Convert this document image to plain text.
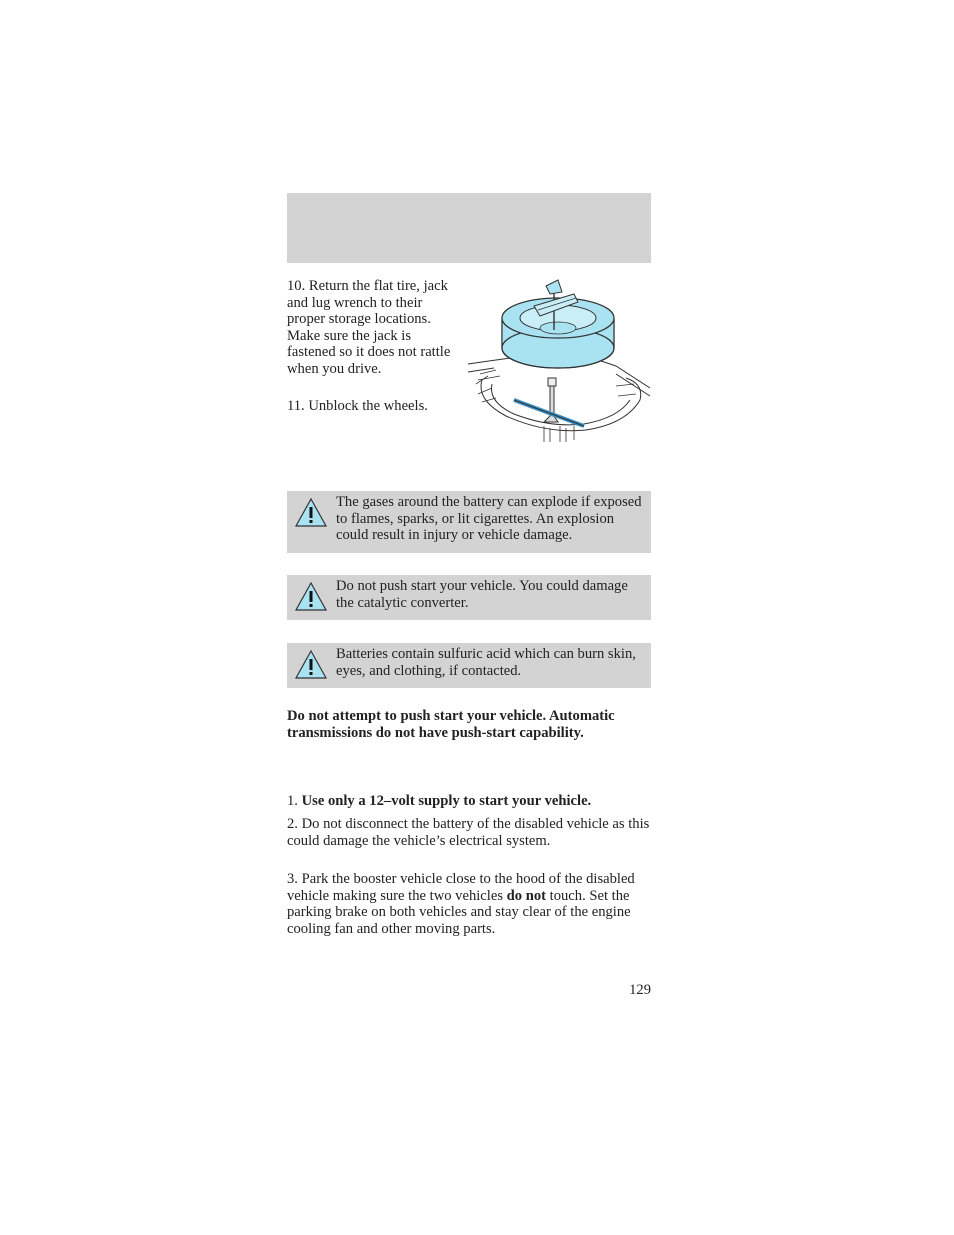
10. Return the flat tire, jack and lug wrench to their proper storage locations. Make sure the jack is fastened so it does not rattle when you drive.

11. Unblock the wheels.

The gases around the battery can explode if exposed to flames, sparks, or lit cigarettes. An explosion could result in injury or vehicle damage.
Do not push start your vehicle. You could damage the catalytic converter.
Batteries contain sulfuric acid which can burn skin, eyes, and clothing, if contacted.

Do not attempt to push start your vehicle. Automatic transmissions do not have push-start capability.

1. Use only a 12–volt supply to start your vehicle.

2. Do not disconnect the battery of the disabled vehicle as this could damage the vehicle’s electrical system.

3. Park the booster vehicle close to the hood of the disabled vehicle making sure the two vehicles do not touch. Set the parking brake on both vehicles and stay clear of the engine cooling fan and other moving parts.

129
